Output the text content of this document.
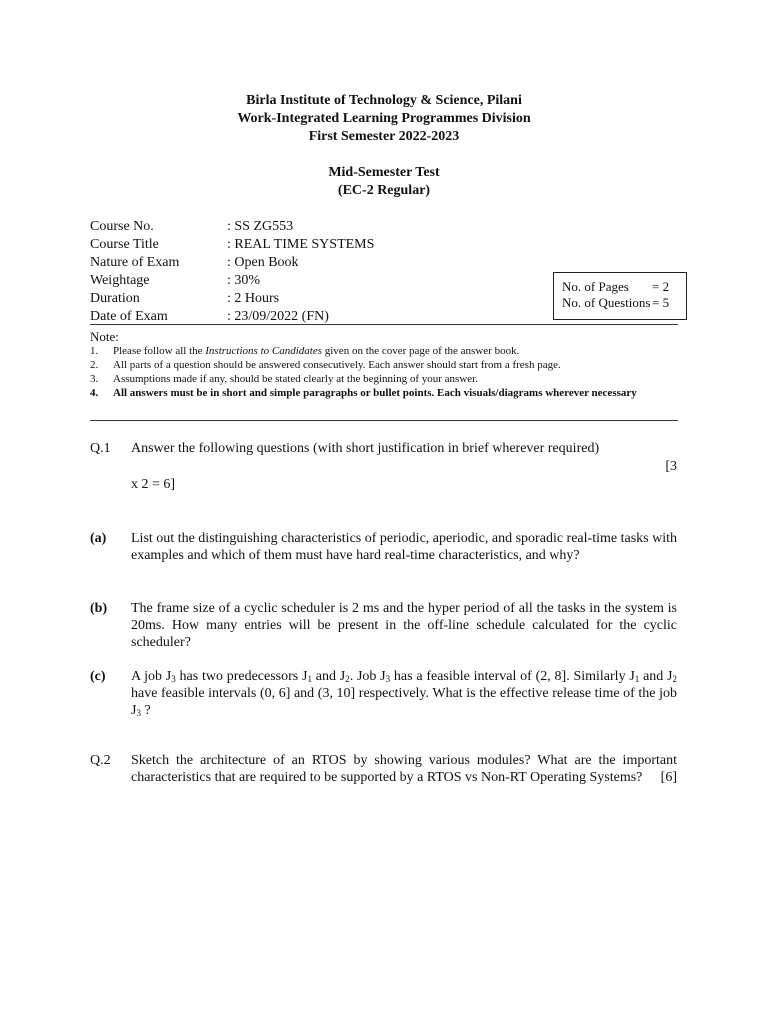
Birla Institute of Technology & Science, Pilani
Work-Integrated Learning Programmes Division
First Semester 2022-2023
Mid-Semester Test
(EC-2 Regular)
Course No.	: SS ZG553
Course Title	: REAL TIME SYSTEMS
Nature of Exam	: Open Book
Weightage	: 30%
Duration	: 2 Hours
Date of Exam	: 23/09/2022 (FN)
No. of Pages = 2
No. of Questions = 5
Note:
1. Please follow all the Instructions to Candidates given on the cover page of the answer book.
2. All parts of a question should be answered consecutively. Each answer should start from a fresh page.
3. Assumptions made if any, should be stated clearly at the beginning of your answer.
4. All answers must be in short and simple paragraphs or bullet points. Each visuals/diagrams wherever necessary
Q.1 Answer the following questions (with short justification in brief wherever required)
[3
x 2 = 6]
(a) List out the distinguishing characteristics of periodic, aperiodic, and sporadic real-time tasks with examples and which of them must have hard real-time characteristics, and why?
(b) The frame size of a cyclic scheduler is 2 ms and the hyper period of all the tasks in the system is 20ms. How many entries will be present in the off-line schedule calculated for the cyclic scheduler?
(c) A job $J_3$ has two predecessors $J_1$ and $J_2$. Job $J_3$ has a feasible interval of (2, 8]. Similarly $J_1$ and $J_2$ have feasible intervals (0, 6] and (3, 10] respectively. What is the effective release time of the job $J_3$ ?
Q.2 Sketch the architecture of an RTOS by showing various modules? What are the important characteristics that are required to be supported by a RTOS vs Non-RT Operating Systems? [6]
